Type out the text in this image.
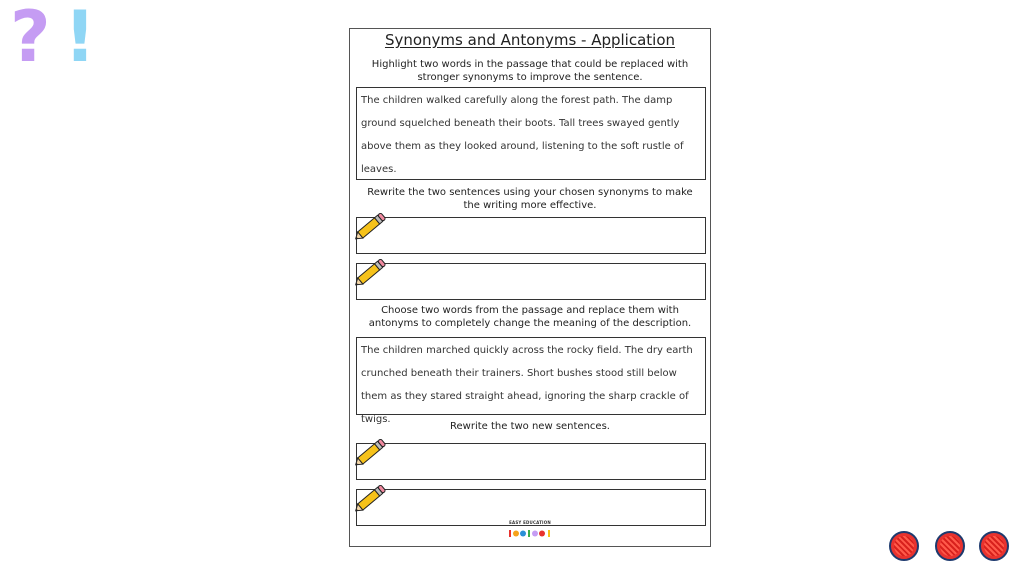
? !	Synonyms and Antonyms - Application
Highlight two words in the passage that could be replaced with stronger synonyms to improve the sentence.
The children walked carefully along the forest path. The damp ground squelched beneath their boots. Tall trees swayed gently above them as they looked around, listening to the soft rustle of leaves.
Rewrite the two sentences using your chosen synonyms to make the writing more effective.
Choose two words from the passage and replace them with antonyms to completely change the meaning of the description.
The children marched quickly across the rocky field. The dry earth crunched beneath their trainers. Short bushes stood still below them as they stared straight ahead, ignoring the sharp crackle of twigs.
Rewrite the two new sentences.
EASY EDUCATION
